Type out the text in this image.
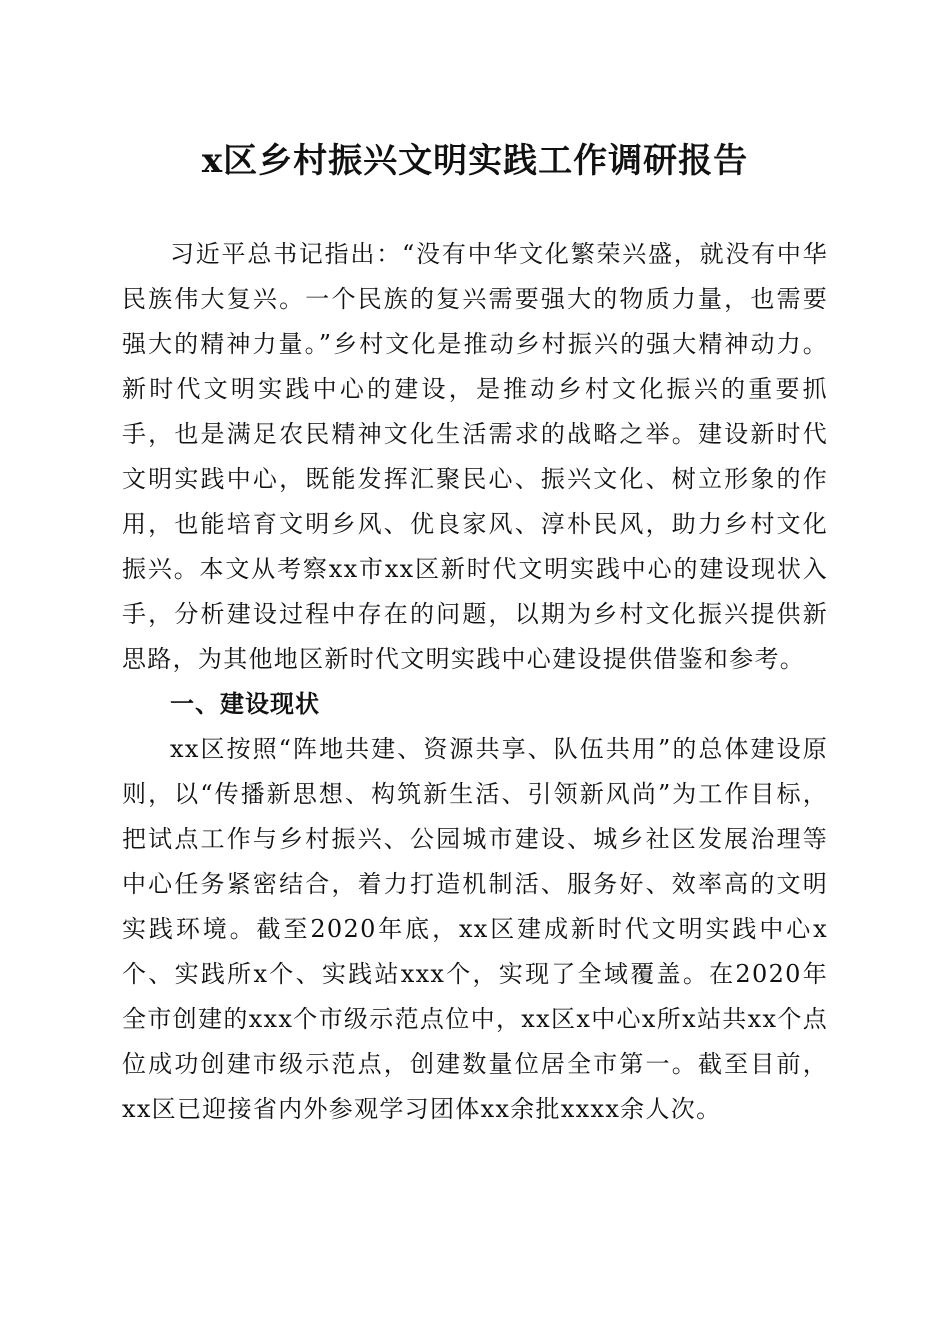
x区乡村振兴文明实践工作调研报告

习近平总书记指出：“没有中华文化繁荣兴盛，就没有中华民族伟大复兴。一个民族的复兴需要强大的物质力量，也需要强大的精神力量。”乡村文化是推动乡村振兴的强大精神动力。新时代文明实践中心的建设，是推动乡村文化振兴的重要抓手，也是满足农民精神文化生活需求的战略之举。建设新时代文明实践中心，既能发挥汇聚民心、振兴文化、树立形象的作用，也能培育文明乡风、优良家风、淳朴民风，助力乡村文化振兴。本文从考察xx市xx区新时代文明实践中心的建设现状入手，分析建设过程中存在的问题，以期为乡村文化振兴提供新思路，为其他地区新时代文明实践中心建设提供借鉴和参考。

一、建设现状

xx区按照“阵地共建、资源共享、队伍共用”的总体建设原则，以“传播新思想、构筑新生活、引领新风尚”为工作目标，把试点工作与乡村振兴、公园城市建设、城乡社区发展治理等中心任务紧密结合，着力打造机制活、服务好、效率高的文明实践环境。截至2020年底，xx区建成新时代文明实践中心x个、实践所x个、实践站xxx个，实现了全域覆盖。在2020年全市创建的xxx个市级示范点位中，xx区x中心x所x站共xx个点位成功创建市级示范点，创建数量位居全市第一。截至目前，xx区已迎接省内外参观学习团体xx余批xxxx余人次。
